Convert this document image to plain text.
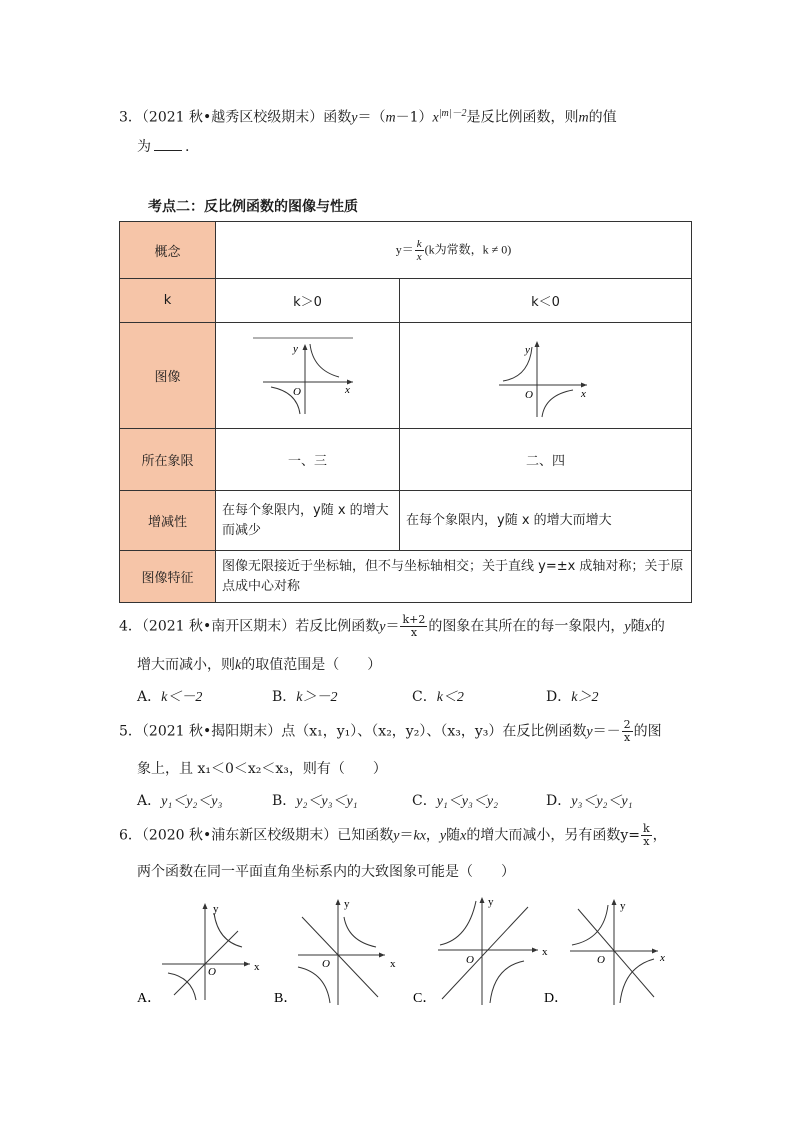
3．（2021 秋•越秀区校级期末）函数$y=(m-1)x^{|m|-2}$是反比例函数，则m的值
为 .
考点二：反比例函数的图像与性质
概念	$y= \frac{k}{x} (k$为常数，k ≠ 0)	
k	k＞0	k＜0
图像	y
x
O	y
x
O

所在象限	一、三	二、四
增减性	在每个象限内，y随 x 的增大而减少	在每个象限内，y随 x 的增大而增大
图像特征	图像无限接近于坐标轴，但不与坐标轴相交；关于直线 y=±x 成轴对称；关于原点成中心对称	
4．（2021 秋•南开区期末）若反比例函数$y= \frac{k+2}{x}$ 的图象在其所在的每一象限内，y随x的
增大而减小，则k的取值范围是（　　）
A．k＜－2	B．k＞－2	C．k＜2	D．k＞2
5．（2021 秋•揭阳期末）点（x₁，y₁）、（x₂，y₂）、（x₃，y₃）在反比例函数$y=- \frac{2}{x}$ 的图
象上，且 x₁＜0＜x₂＜x₃，则有（　　）
A．y₁＜y₂＜y₃	B．y₂＜y₃＜y₁	C．y₁＜y₃＜y₂	D．y₃＜y₂＜y₁
6．（2020 秋•浦东新区校级期末）已知函数y＝kx，y随x的增大而减小，另有函数$y= \frac{k}{x}$ ，
两个函数在同一平面直角坐标系内的大致图象可能是（　　）
y
x
O
A．
y
x
O
B．
y
x
O
C．
y
x
O
D．
